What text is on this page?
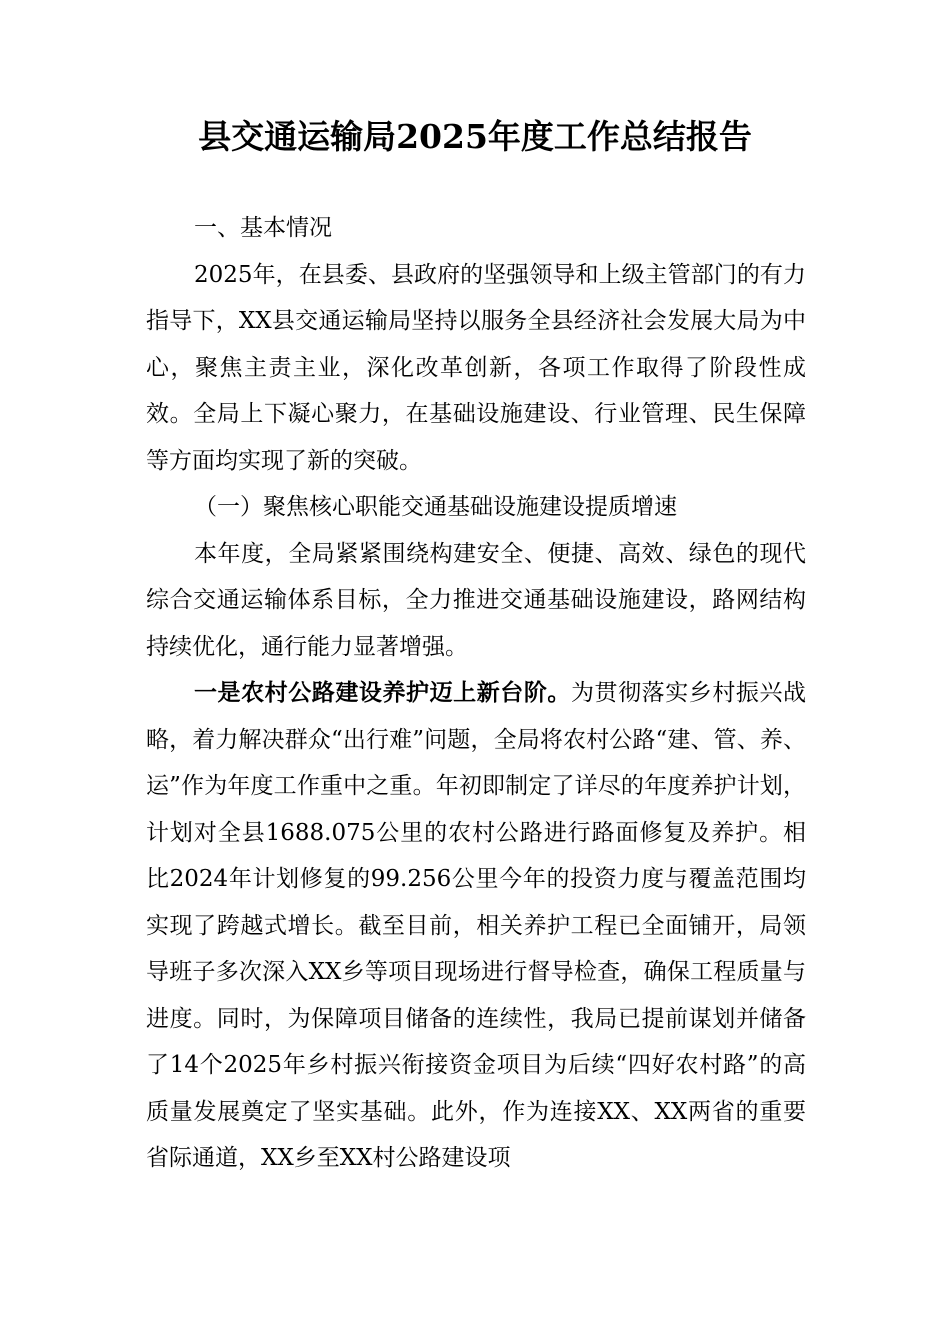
县交通运输局2025年度工作总结报告

一、基本情况

2025年，在县委、县政府的坚强领导和上级主管部门的有力指导下，XX县交通运输局坚持以服务全县经济社会发展大局为中心，聚焦主责主业，深化改革创新，各项工作取得了阶段性成效。全局上下凝心聚力，在基础设施建设、行业管理、民生保障等方面均实现了新的突破。

（一）聚焦核心职能交通基础设施建设提质增速

本年度，全局紧紧围绕构建安全、便捷、高效、绿色的现代综合交通运输体系目标，全力推进交通基础设施建设，路网结构持续优化，通行能力显著增强。

一是农村公路建设养护迈上新台阶。为贯彻落实乡村振兴战略，着力解决群众“出行难”问题，全局将农村公路“建、管、养、运”作为年度工作重中之重。年初即制定了详尽的年度养护计划，计划对全县1688.075公里的农村公路进行路面修复及养护。相比2024年计划修复的99.256公里今年的投资力度与覆盖范围均实现了跨越式增长。截至目前，相关养护工程已全面铺开，局领导班子多次深入XX乡等项目现场进行督导检查，确保工程质量与进度。同时，为保障项目储备的连续性，我局已提前谋划并储备了14个2025年乡村振兴衔接资金项目为后续“四好农村路”的高质量发展奠定了坚实基础。此外，作为连接XX、XX两省的重要省际通道，XX乡至XX村公路建设项
